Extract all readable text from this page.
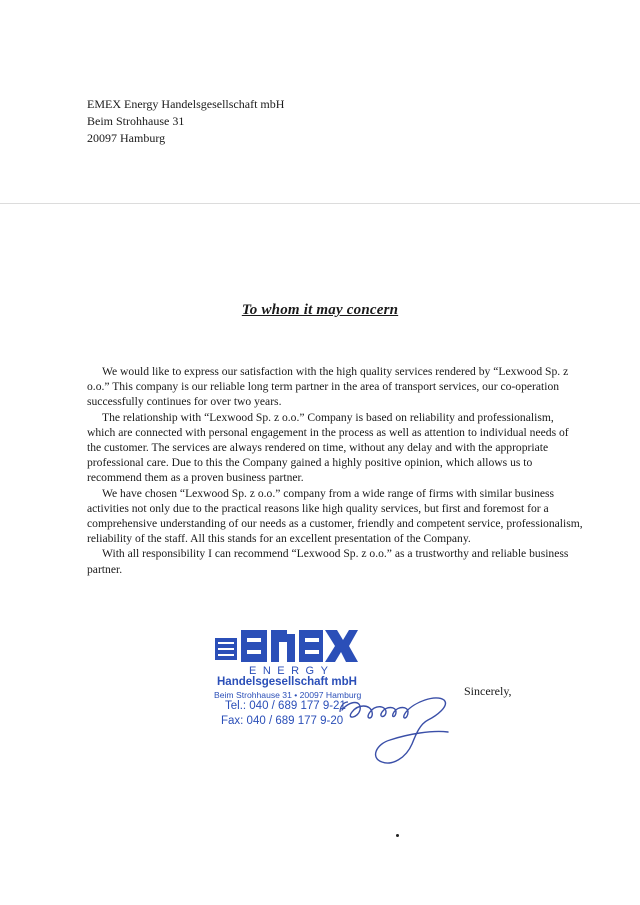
EMEX Energy Handelsgesellschaft mbH
Beim Strohhause 31
20097 Hamburg
To whom it may concern

We would like to express our satisfaction with the high quality services rendered by “Lexwood Sp. z o.o.” This company is our reliable long term partner in the area of transport services, our co-operation successfully continues for over two years.

The relationship with “Lexwood Sp. z o.o.” Company is based on reliability and professionalism, which are connected with personal engagement in the process as well as attention to individual needs of the customer. The services are always rendered on time, without any delay and with the appropriate professional care. Due to this the Company gained a highly positive opinion, which allows us to recommend them as a proven business partner.

We have chosen “Lexwood Sp. z o.o.” company from a wide range of firms with similar business activities not only due to the practical reasons like high quality services, but first and foremost for a comprehensive understanding of our needs as a customer, friendly and competent service, professionalism, reliability of the staff. All this stands for an excellent presentation of the Company.

With all responsibility I can recommend “Lexwood Sp. z o.o.” as a trustworthy and reliable business partner.

ENERGY
Handelsgesellschaft mbH
Beim Strohhause 31 • 20097 Hamburg
Tel.: 040 / 689 177 9-21
Fax: 040 / 689 177 9-20
Sincerely,
